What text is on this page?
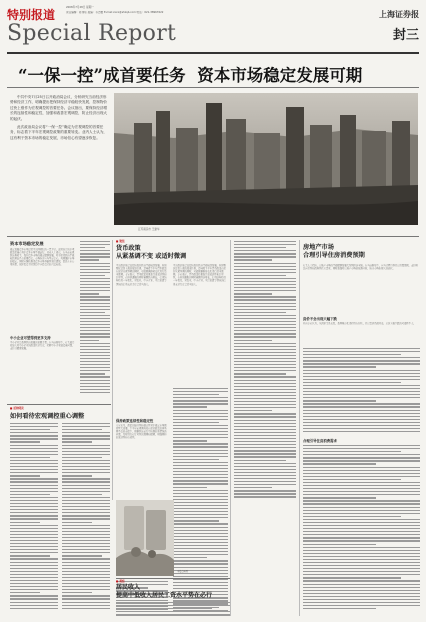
特别报道
2008年7月28日 星期一
责任编辑：陈伟东 美编：韦志樱 E-mail:xxxx@shzqb.com 电话：021-38967622
Special Report
上海证券报
封三
“一保一控”成首要任务 资本市场稳定发展可期
中共中央7月25日召开政治局会议，分析研究当前经济形势和经济工作，明确提出把保持经济平稳较快发展、控制物价过快上涨作为宏观调控的首要任务。会议指出，要保持经济增长的连续性和稳定性，加强和改善宏观调控，防止经济出现大的起伏。
此次政治局会议将“一保一控”确定为宏观调控的首要任务，标志着下半年宏观调控政策的重要转变。业内人士认为，这有利于资本市场的稳定发展，市场信心有望逐步恢复。
江苏南京市 王建华
资本市场稳定发展
稳定发展资本市场是党中央国务院的一贯方针。近期出台的多项政策措施有利于资本市场平稳运行。业内人士表示，在当前宏观经济形势下，保持资本市场的稳定健康发展，对于促进经济平稳较快增长具有重要意义。市场各方应当坚定信心，共同维护市场的稳定。同时应继续推进资本市场基础性制度建设，提高上市公司质量，保护投资者特别是中小投资者的合法权益。
中小企业可望得到更多支持
中小企业是我国经济发展的重要力量。在当前形势下，有关部门将加大对中小企业的政策扶持力度，缓解中小企业融资难问题，支持其健康发展。
■ 聚焦
货币政策
从紧基调不变 或适时微调
中央政治局会议提出保持经济平稳较快发展、控制物价过快上涨的双重任务，意味着下半年货币政策在保持从紧基调的同时，可能根据形势变化进行适当微调。专家表示，货币政策将更加注重灵活性和针对性，在控制通胀的同时兼顾经济增长，信贷结构将进一步优化，对农业、中小企业、灾后重建等领域的信贷支持力度会适当加大。
中央政治局会议提出保持经济平稳较快发展、控制物价过快上涨的双重任务，意味着下半年货币政策在保持从紧基调的同时，可能根据形势变化进行适当微调。专家表示，货币政策将更加注重灵活性和针对性，在控制通胀的同时兼顾经济增长，信贷结构将进一步优化，对农业、中小企业、灾后重建等领域的信贷支持力度会适当加大。
保持政策连续性和稳定性
专家认为，政策的连续性和稳定性对于稳定市场预期至关重要。下半年宏观调控将在保持政策总体基调不变的前提下，根据经济运行中出现的新情况新问题，及时进行有针对性的预调和微调，增强调控的灵活性和有效性。
房地产市场
合理引导住房消费预期
有关人士指出，房地产市场的平稳健康发展关系到经济全局。在当前形势下，应当合理引导住房消费预期，支持居民自住性和改善性住房需求，同时加强对房地产市场的监测分析，防止市场出现大的起伏。
房价不会出现大幅下跌
业内专家认为，从供求关系来看，我国城市化进程仍在持续，住房需求仍然旺盛，房价大幅下跌的可能性不大。
合理引导住房消费需求
■ 延伸阅读
如何看待宏观调控重心调整
本报资料图
■ 观察
居民收入
提高中低收入居民工资水平势在必行
